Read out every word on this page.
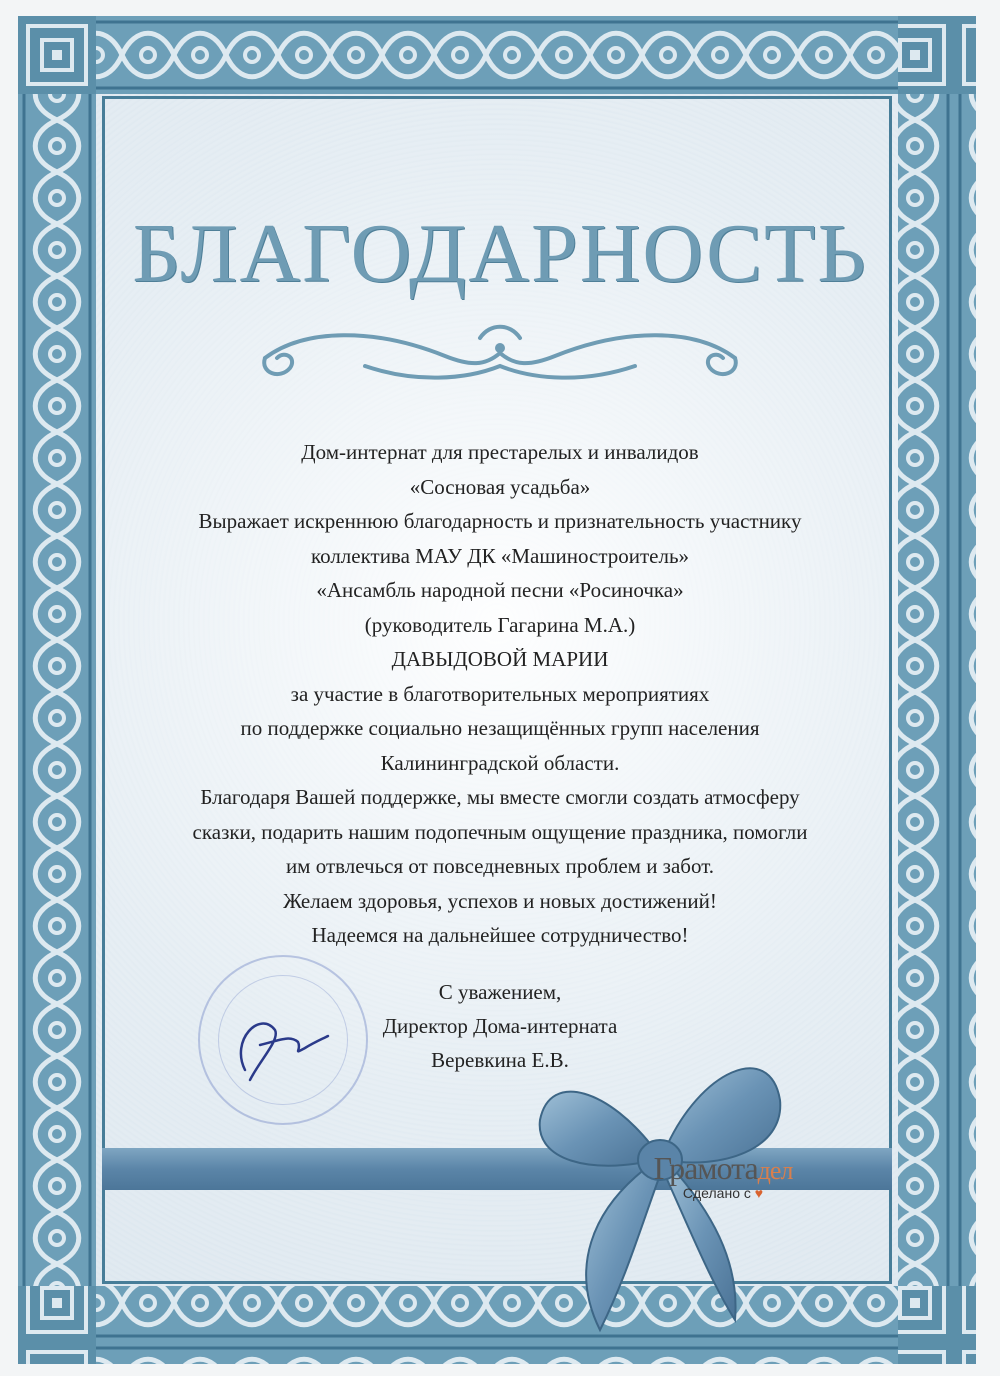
БЛАГОДАРНОСТЬ
Дом-интернат для престарелых и инвалидов
«Сосновая усадьба»
Выражает искреннюю благодарность и признательность участнику
коллектива МАУ ДК «Машиностроитель»
«Ансамбль народной песни «Росиночка»
(руководитель Гагарина М.А.)
ДАВЫДОВОЙ МАРИИ
за участие в благотворительных мероприятиях
по поддержке социально незащищённых групп населения
Калининградской области.
Благодаря Вашей поддержке, мы вместе смогли создать атмосферу
сказки, подарить нашим подопечным ощущение праздника, помогли
им отвлечься от повседневных проблем и забот.
Желаем здоровья, успехов и новых достижений!
Надеемся на дальнейшее сотрудничество!
С уважением,
Директор Дома-интерната
Веревкина Е.В.
Грамотадел
Сделано с ♥
